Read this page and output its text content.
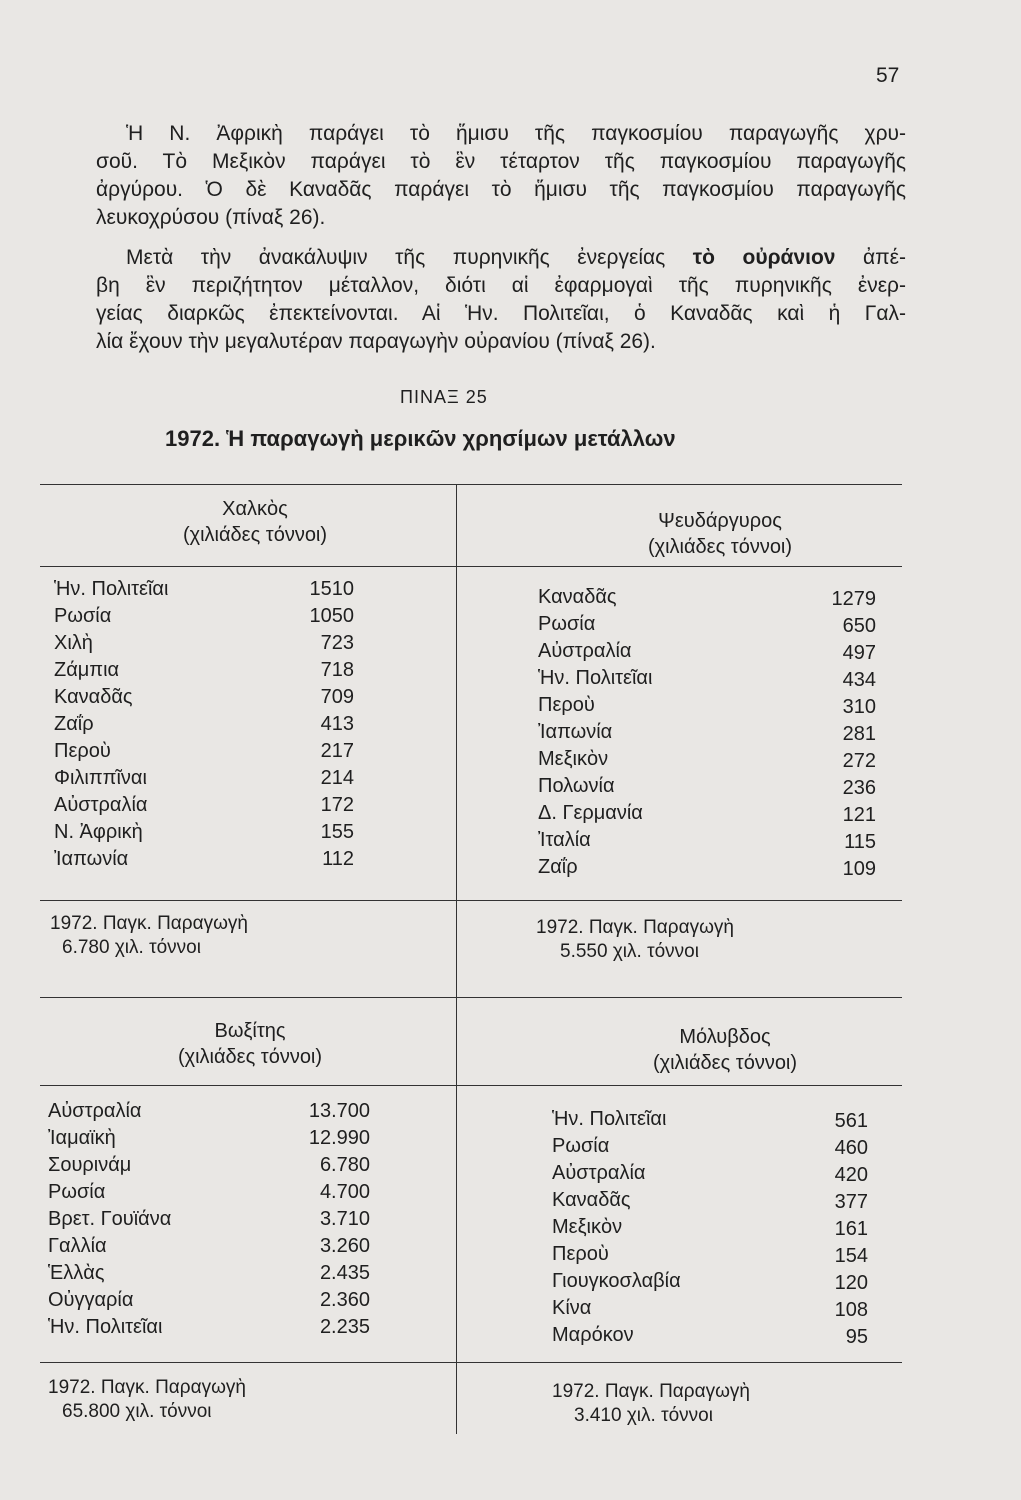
57
Ἡ Ν. Ἀφρικὴ παράγει τὸ ἥμισυ τῆς παγκοσμίου παραγωγῆς χρυ-
σοῦ. Τὸ Μεξικὸν παράγει τὸ ἓν τέταρτον τῆς παγκοσμίου παραγωγῆς
ἀργύρου. Ὁ δὲ Καναδᾶς παράγει τὸ ἥμισυ τῆς παγκοσμίου παραγωγῆς
λευκοχρύσου (πίναξ 26).
Μετὰ τὴν ἀνακάλυψιν τῆς πυρηνικῆς ἐνεργείας τὸ οὐράνιον ἀπέ-
βη ἓν περιζήτητον μέταλλον, διότι αἱ ἐφαρμογαὶ τῆς πυρηνικῆς ἐνερ-
γείας διαρκῶς ἐπεκτείνονται. Αἱ Ἡν. Πολιτεῖαι, ὁ Καναδᾶς καὶ ἡ Γαλ-
λία ἔχουν τὴν μεγαλυτέραν παραγωγὴν οὐρανίου (πίναξ 26).
ΠΙΝΑΞ 25
1972. Ἡ παραγωγὴ μερικῶν χρησίμων μετάλλων
Χαλκὸς
(χιλιάδες τόννοι)
Ἡν. Πολιτεῖαι	1510
Ρωσία	1050
Χιλὴ	723
Ζάμπια	718
Καναδᾶς	709
Ζαΐρ	413
Περοὺ	217
Φιλιππῖναι	214
Αὐστραλία	172
Ν. Ἀφρικὴ	155
Ἰαπωνία	112
1972. Παγκ. Παραγωγὴ
6.780 χιλ. τόννοι
Ψευδάργυρος
(χιλιάδες τόννοι)
Καναδᾶς	1279
Ρωσία	650
Αὐστραλία	497
Ἡν. Πολιτεῖαι	434
Περοὺ	310
Ἰαπωνία	281
Μεξικὸν	272
Πολωνία	236
Δ. Γερμανία	121
Ἰταλία	115
Ζαΐρ	109
1972. Παγκ. Παραγωγὴ
5.550 χιλ. τόννοι
Βωξίτης
(χιλιάδες τόννοι)
Αὐστραλία	13.700
Ἰαμαϊκὴ	12.990
Σουρινάμ	6.780
Ρωσία	4.700
Βρετ. Γουϊάνα	3.710
Γαλλία	3.260
Ἑλλὰς	2.435
Οὐγγαρία	2.360
Ἡν. Πολιτεῖαι	2.235
1972. Παγκ. Παραγωγὴ
65.800 χιλ. τόννοι
Μόλυβδος
(χιλιάδες τόννοι)
Ἡν. Πολιτεῖαι	561
Ρωσία	460
Αὐστραλία	420
Καναδᾶς	377
Μεξικὸν	161
Περοὺ	154
Γιουγκοσλαβία	120
Κίνα	108
Μαρόκον	95
1972. Παγκ. Παραγωγὴ
3.410 χιλ. τόννοι
